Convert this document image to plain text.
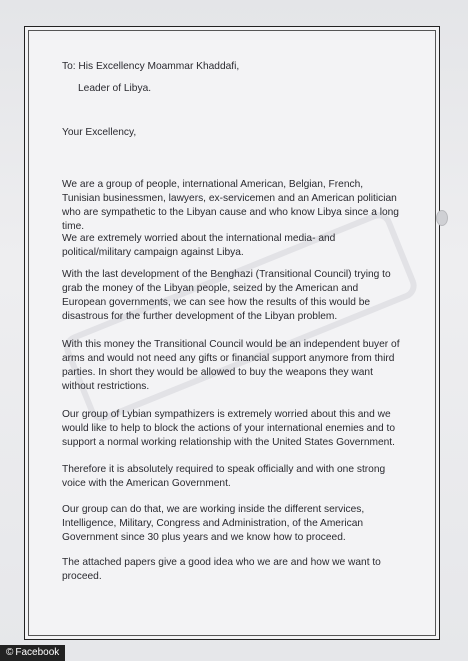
To: His Excellency Moammar Khaddafi,
Leader of Libya.
Your Excellency,

We are a group of people, international American, Belgian, French, Tunisian businessmen, lawyers, ex-servicemen and an American politician who are sympathetic to the Libyan cause and who know Libya since a long time.

We are extremely worried about the international media- and political/military campaign against Libya.

With the last development of the Benghazi (Transitional Council) trying to grab the money of the Libyan people, seized by the American and European governments, we can see how the results of this would be disastrous for the further development of the Libyan problem.

With this money the Transitional Council would be an independent buyer of arms and would not need any gifts or financial support anymore from third parties. In short they would be allowed to buy the weapons they want without restrictions.

Our group of Lybian sympathizers is extremely worried about this and we would like to help to block the actions of your international enemies and to support a normal working relationship with the United States Government.

Therefore it is absolutely required to speak officially and with one strong voice with the American Government.

Our group can do that, we are working inside the different services, Intelligence, Military, Congress and Administration, of the American Government since 30 plus years and we know how to proceed.

The attached papers give a good idea who we are and how we want to proceed.

© Facebook
